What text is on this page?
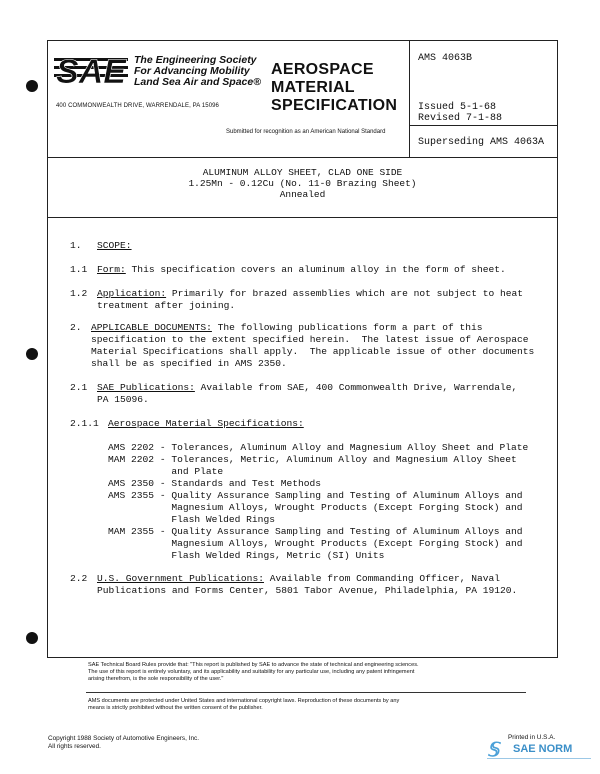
SAE The Engineering Society
For Advancing Mobility
Land Sea Air and Space®
400 COMMONWEALTH DRIVE, WARRENDALE, PA 15096
AEROSPACE
MATERIAL
SPECIFICATION
Submitted for recognition as an American National Standard
AMS 4063B
Issued 5-1-68
Revised 7-1-88
Superseding AMS 4063A
ALUMINUM ALLOY SHEET, CLAD ONE SIDE
1.25Mn - 0.12Cu (No. 11-0 Brazing Sheet)
Annealed
1. SCOPE:
1.1 Form: This specification covers an aluminum alloy in the form of sheet.
1.2 Application: Primarily for brazed assemblies which are not subject to heat
treatment after joining.
2. APPLICABLE DOCUMENTS: The following publications form a part of this
specification to the extent specified herein.  The latest issue of Aerospace
Material Specifications shall apply.  The applicable issue of other documents
shall be as specified in AMS 2350.
2.1 SAE Publications: Available from SAE, 400 Commonwealth Drive, Warrendale,
PA 15096.
2.1.1 Aerospace Material Specifications:
AMS 2202 - Tolerances, Aluminum Alloy and Magnesium Alloy Sheet and Plate
MAM 2202 - Tolerances, Metric, Aluminum Alloy and Magnesium Alloy Sheet
and Plate
AMS 2350 - Standards and Test Methods
AMS 2355 - Quality Assurance Sampling and Testing of Aluminum Alloys and
Magnesium Alloys, Wrought Products (Except Forging Stock) and
Flash Welded Rings
MAM 2355 - Quality Assurance Sampling and Testing of Aluminum Alloys and
Magnesium Alloys, Wrought Products (Except Forging Stock) and
Flash Welded Rings, Metric (SI) Units
2.2 U.S. Government Publications: Available from Commanding Officer, Naval
Publications and Forms Center, 5801 Tabor Avenue, Philadelphia, PA 19120.
SAE Technical Board Rules provide that: "This report is published by SAE to advance the state of technical and engineering sciences.
The use of this report is entirely voluntary, and its applicability and suitability for any particular use, including any patent infringement
arising therefrom, is the sole responsibility of the user."
AMS documents are protected under United States and international copyright laws. Reproduction of these documents by any
means is strictly prohibited without the written consent of the publisher.
Copyright 1988 Society of Automotive Engineers, Inc.
All rights reserved.
Printed in U.S.A.
𝕊 SAE NORM
